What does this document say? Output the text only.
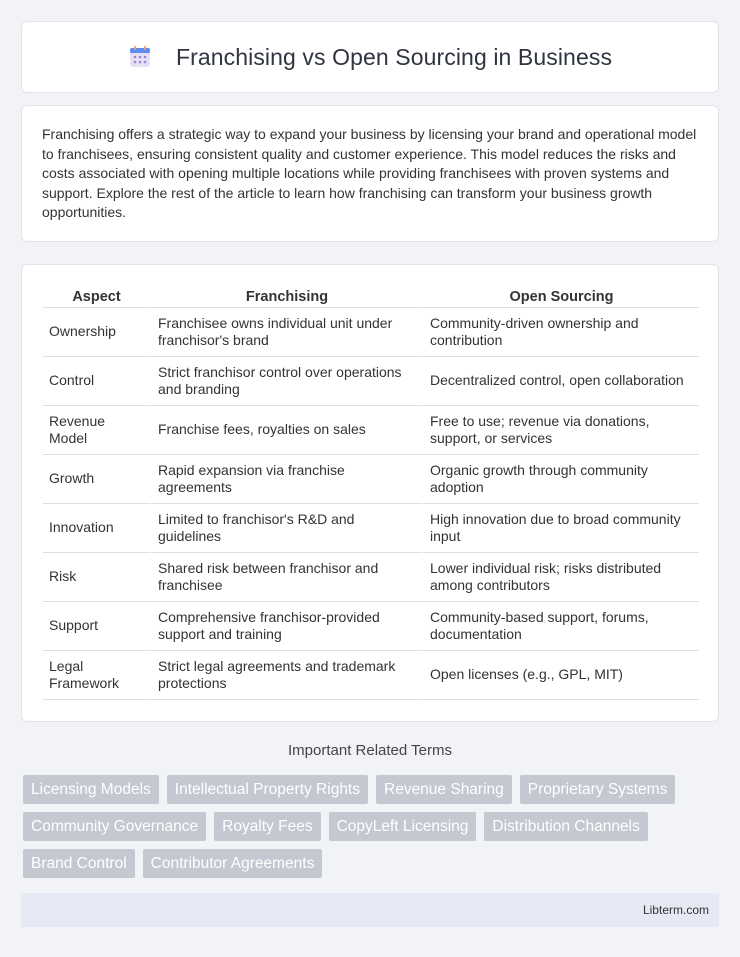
Franchising vs Open Sourcing in Business

Franchising offers a strategic way to expand your business by licensing your brand and operational model to franchisees, ensuring consistent quality and customer experience. This model reduces the risks and costs associated with opening multiple locations while providing franchisees with proven systems and support. Explore the rest of the article to learn how franchising can transform your business growth opportunities.

Aspect	Franchising	Open Sourcing
Ownership	Franchisee owns individual unit under franchisor's brand	Community-driven ownership and contribution
Control	Strict franchisor control over operations and branding	Decentralized control, open collaboration
Revenue Model	Franchise fees, royalties on sales	Free to use; revenue via donations, support, or services
Growth	Rapid expansion via franchise agreements	Organic growth through community adoption
Innovation	Limited to franchisor's R&D and guidelines	High innovation due to broad community input
Risk	Shared risk between franchisor and franchisee	Lower individual risk; risks distributed among contributors
Support	Comprehensive franchisor-provided support and training	Community-based support, forums, documentation
Legal Framework	Strict legal agreements and trademark protections	Open licenses (e.g., GPL, MIT)
Important Related Terms
Licensing Models	Intellectual Property Rights	Revenue Sharing	Proprietary Systems
Community Governance	Royalty Fees	CopyLeft Licensing	Distribution Channels
Brand Control	Contributor Agreements
Libterm.com
